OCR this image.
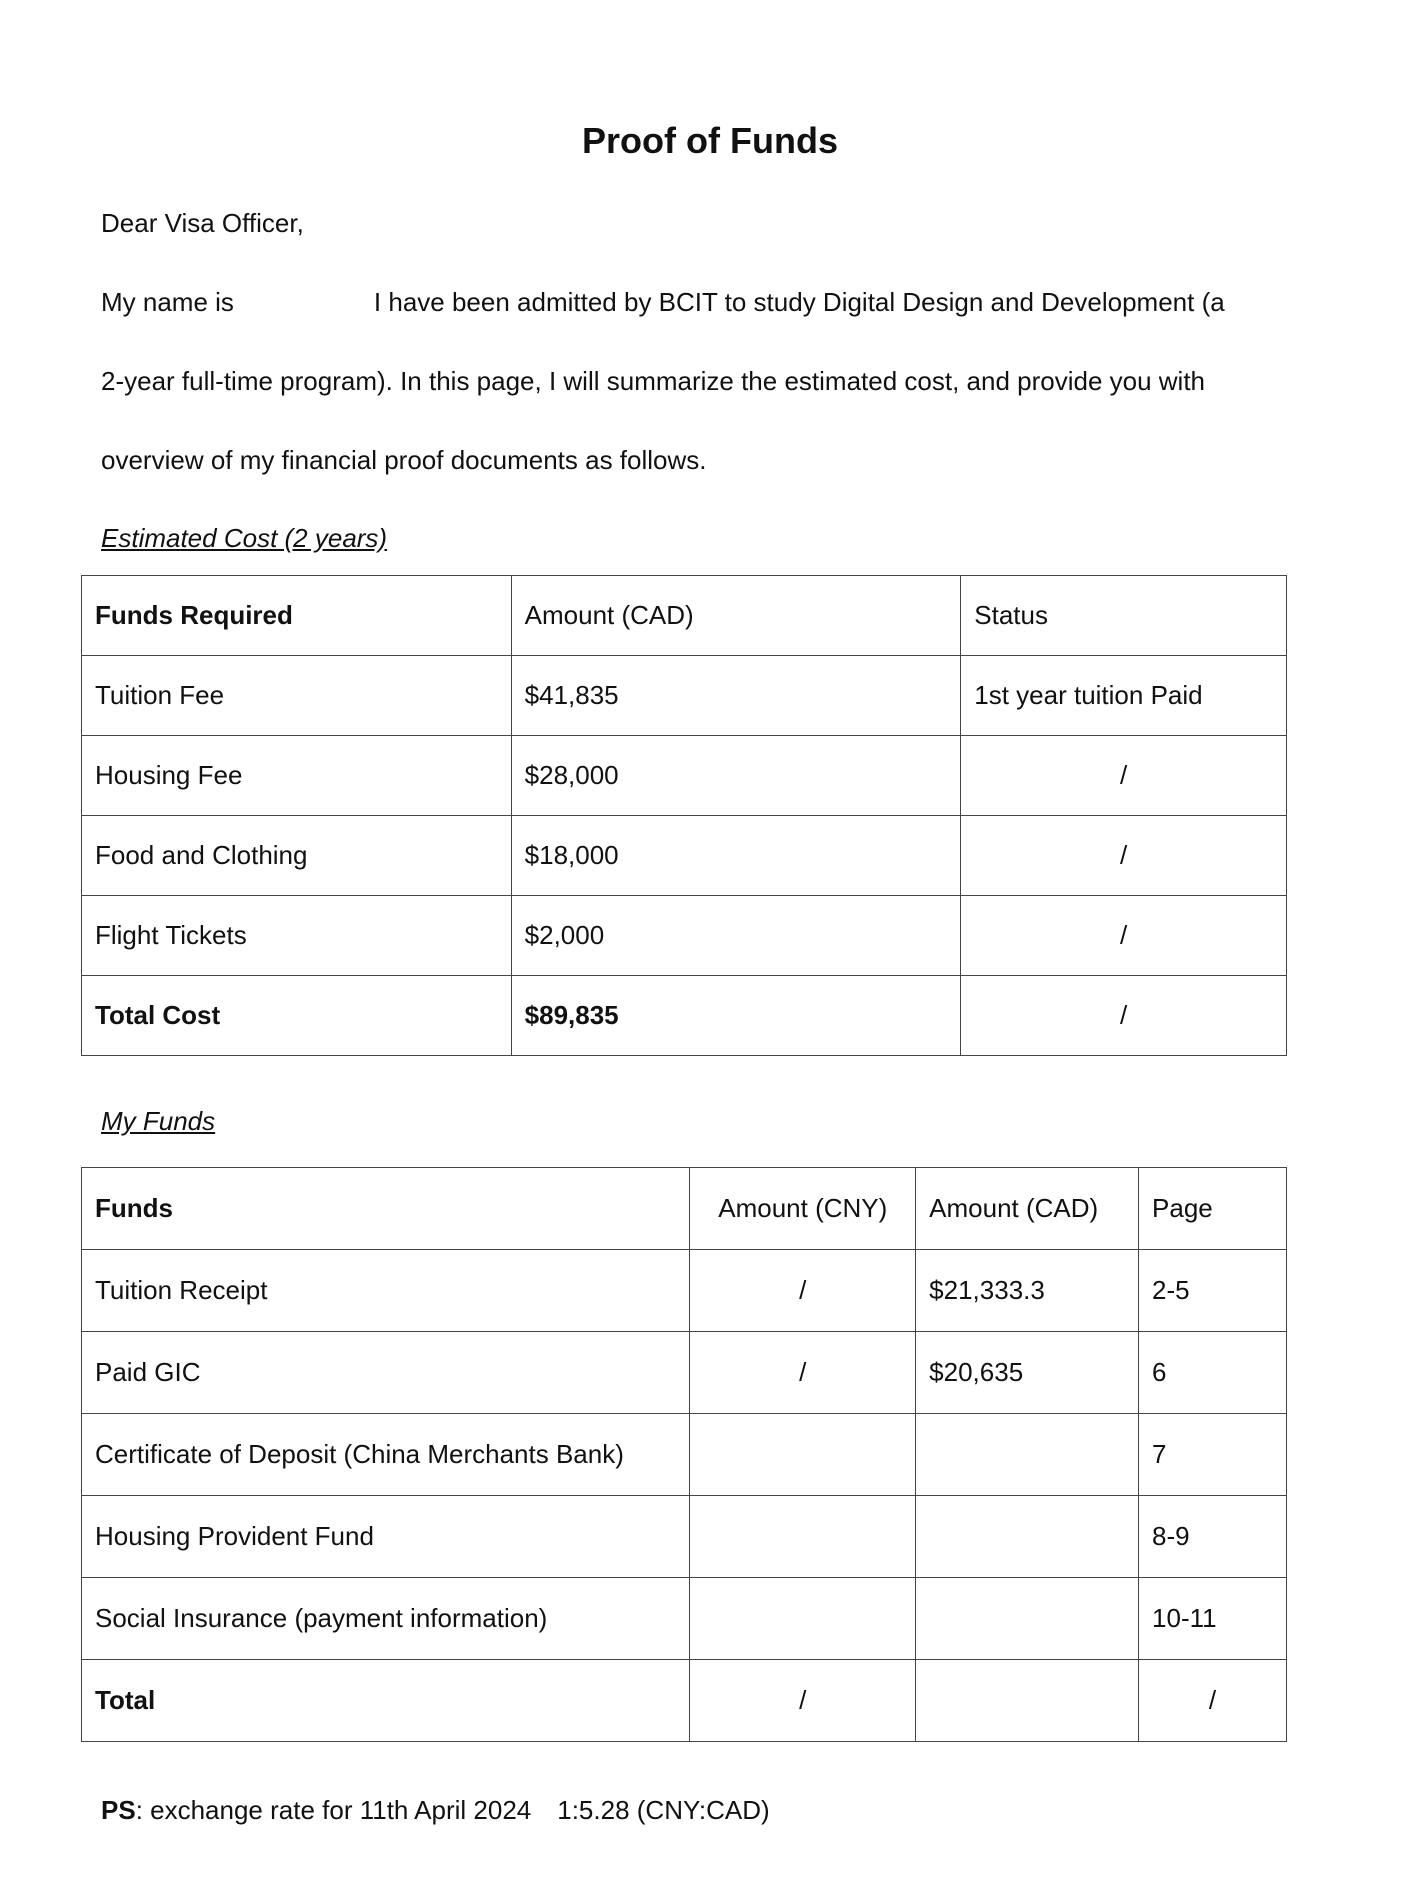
Proof of Funds
Dear Visa Officer,
My name is	I have been admitted by BCIT to study Digital Design and Development (a
2-year full-time program). In this page, I will summarize the estimated cost, and provide you with
overview of my financial proof documents as follows.
Estimated Cost (2 years)
Funds Required	Amount (CAD)	Status
Tuition Fee	$41,835	1st year tuition Paid
Housing Fee	$28,000	/
Food and Clothing	$18,000	/
Flight Tickets	$2,000	/
Total Cost	$89,835	/
My Funds
Funds	Amount (CNY)	Amount (CAD)	Page
Tuition Receipt	/	$21,333.3	2-5
Paid GIC	/	$20,635	6
Certificate of Deposit (China Merchants Bank)			7
Housing Provident Fund			8-9
Social Insurance (payment information)			10-11
Total	/		/
PS: exchange rate for 11th April 2024 1:5.28 (CNY:CAD)
